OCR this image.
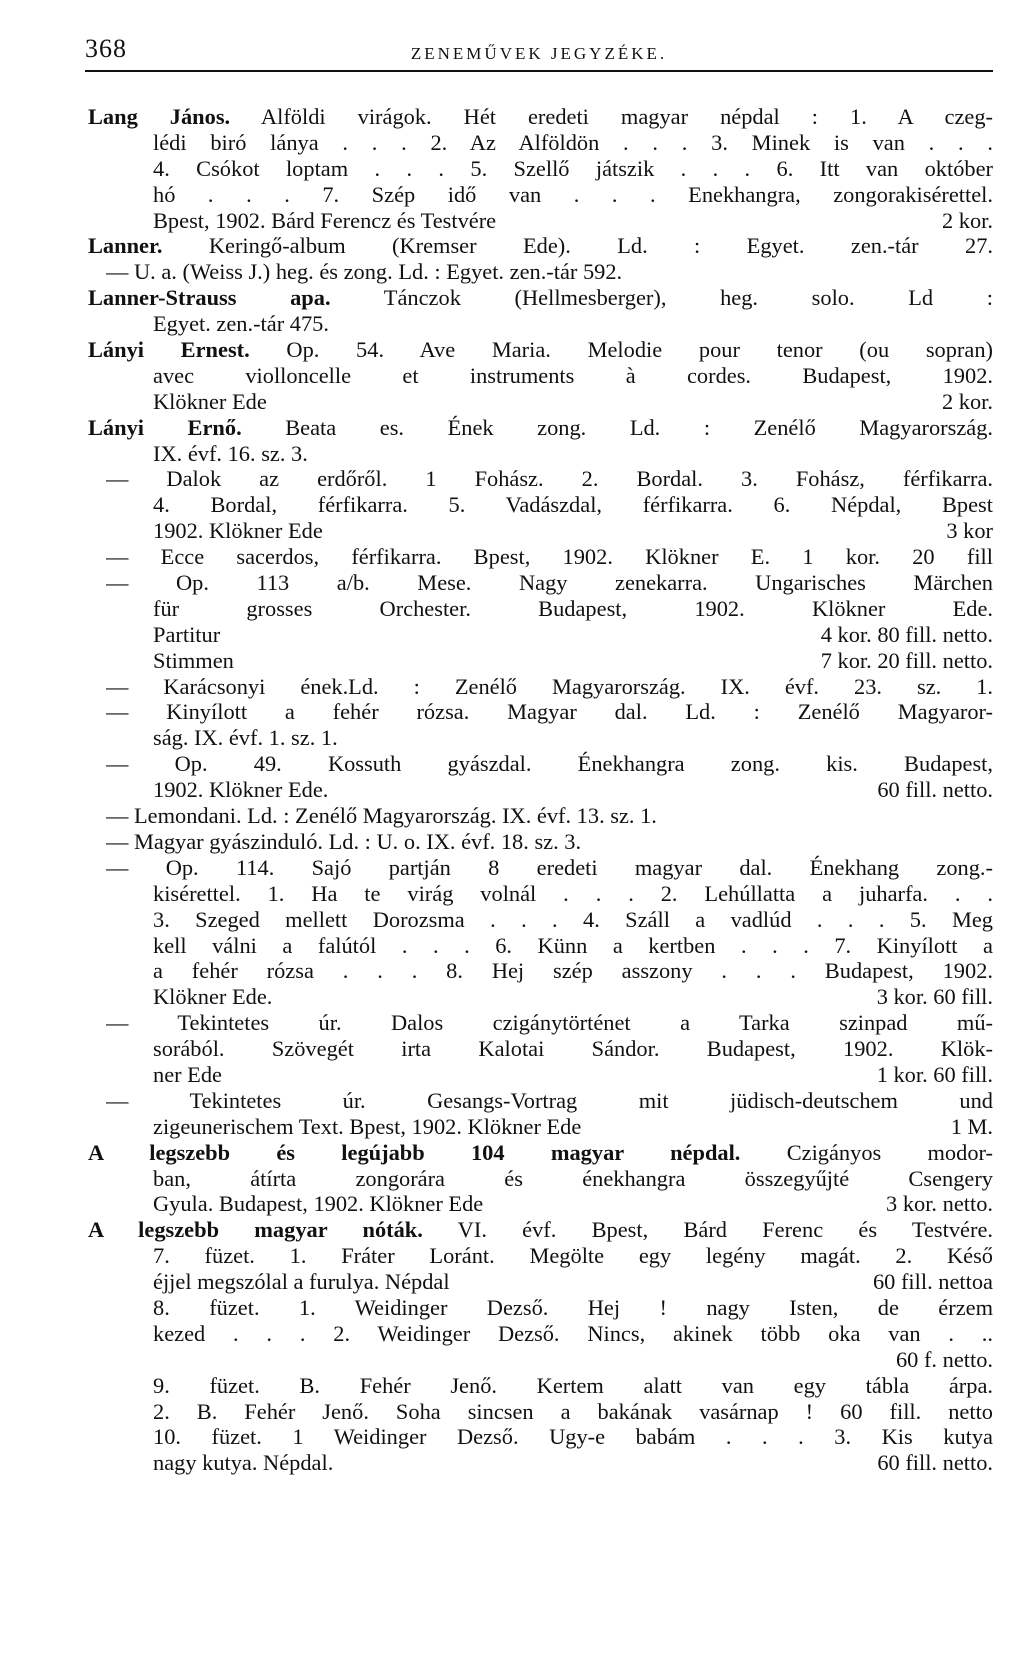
368	ZENEMŰVEK JEGYZÉKE.
Lang János. Alföldi virágok. Hét eredeti magyar népdal : 1. A czeg-
lédi biró lánya . . . 2. Az Alföldön . . . 3. Minek is van . . .
4. Csókot loptam . . . 5. Szellő játszik . . . 6. Itt van október
hó . . . 7. Szép idő van . . . Enekhangra, zongorakisérettel.
Bpest, 1902. Bárd Ferencz és Testvére	2 kor.
Lanner. Keringő-album (Kremser Ede). Ld. : Egyet. zen.-tár 27.
— U. a. (Weiss J.) heg. és zong. Ld. : Egyet. zen.-tár 592.
Lanner-Strauss apa. Tánczok (Hellmesberger), heg. solo. Ld :
Egyet. zen.-tár 475.
Lányi Ernest. Op. 54. Ave Maria. Melodie pour tenor (ou sopran)
avec violloncelle et instruments à cordes. Budapest, 1902.
Klökner Ede	2 kor.
Lányi Ernő. Beata es. Ének zong. Ld. : Zenélő Magyarország.
IX. évf. 16. sz. 3.
— Dalok az erdőről. 1 Fohász. 2. Bordal. 3. Fohász, férfikarra.
4. Bordal, férfikarra. 5. Vadászdal, férfikarra. 6. Népdal, Bpest
1902. Klökner Ede	3 kor
— Ecce sacerdos, férfikarra. Bpest, 1902. Klökner E. 1 kor. 20 fill
— Op. 113 a/b. Mese. Nagy zenekarra. Ungarisches Märchen
für grosses Orchester. Budapest, 1902. Klökner Ede.
Partitur	4 kor. 80 fill. netto.
Stimmen	7 kor. 20 fill. netto.
— Karácsonyi ének.Ld. : Zenélő Magyarország. IX. évf. 23. sz. 1.
— Kinyílott a fehér rózsa. Magyar dal. Ld. : Zenélő Magyaror-
ság. IX. évf. 1. sz. 1.
— Op. 49. Kossuth gyászdal. Énekhangra zong. kis. Budapest,
1902. Klökner Ede.	60 fill. netto.
— Lemondani. Ld. : Zenélő Magyarország. IX. évf. 13. sz. 1.
— Magyar gyászinduló. Ld. : U. o. IX. évf. 18. sz. 3.
— Op. 114. Sajó partján 8 eredeti magyar dal. Énekhang zong.-
kisérettel. 1. Ha te virág volnál . . . 2. Lehúllatta a juharfa. . .
3. Szeged mellett Dorozsma . . . 4. Száll a vadlúd . . . 5. Meg
kell válni a falútól . . . 6. Künn a kertben . . . 7. Kinyílott a
a fehér rózsa . . . 8. Hej szép asszony . . . Budapest, 1902.
Klökner Ede.	3 kor. 60 fill.
— Tekintetes úr. Dalos czigánytörténet a Tarka szinpad mű-
sorából. Szövegét irta Kalotai Sándor. Budapest, 1902. Klök-
ner Ede	1 kor. 60 fill.
— Tekintetes úr. Gesangs-Vortrag mit jüdisch-deutschem und
zigeunerischem Text. Bpest, 1902. Klökner Ede	1 M.
A legszebb és legújabb 104 magyar népdal. Czigányos modor-
ban, átírta zongorára és énekhangra összegyűjté Csengery
Gyula. Budapest, 1902. Klökner Ede	3 kor. netto.
A legszebb magyar nóták. VI. évf. Bpest, Bárd Ferenc és Testvére.
7. füzet. 1. Fráter Loránt. Megölte egy legény magát. 2. Késő
éjjel megszólal a furulya. Népdal	60 fill. nettoa
8. füzet. 1. Weidinger Dezső. Hej ! nagy Isten, de érzem
kezed . . . 2. Weidinger Dezső. Nincs, akinek több oka van . ..
60 f. netto.
9. füzet. B. Fehér Jenő. Kertem alatt van egy tábla árpa.
2. B. Fehér Jenő. Soha sincsen a bakának vasárnap ! 60 fill. netto
10. füzet. 1 Weidinger Dezső. Ugy-e babám . . . 3. Kis kutya
nagy kutya. Népdal.	60 fill. netto.
